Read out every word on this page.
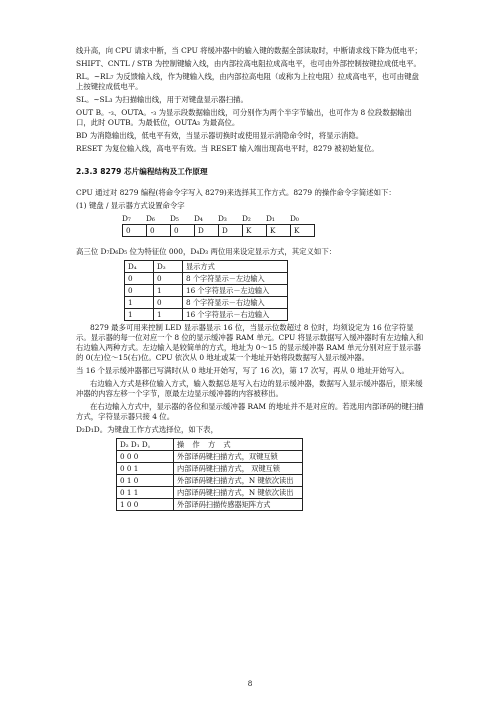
线升高，向 CPU 请求中断，当 CPU 将缓冲器中的输入键的数据全部读取时，中断请求线下降为低电平；

SHIFT、CNTL / STB 为控制键输入线，由内部拉高电阻拉成高电平，也可由外部控制按键拉成低电平。

RL。~RL₇ 为反馈输入线，作为键输入线，由内部拉高电阻（或称为上拉电阻）拉成高电平，也可由键盘上按键拉成低电平。

SL。~SL₃ 为扫描输出线，用于对键盘显示器扫描。

OUT B。-₃、OUTA。-₃ 为显示段数据输出线，可分别作为两个半字节输出，也可作为 8 位段数据输出口，此时 OUTB。为最低位，OUTA₃ 为最高位。

BD 为消隐输出线，低电平有效，当显示器切换时或使用显示消隐命令时，将显示消隐。

RESET 为复位输入线，高电平有效。当 RESET 输入端出现高电平时，8279 被初始复位。

2.3.3 8279 芯片编程结构及工作原理

CPU 通过对 8279 编程(将命令字写入 8279)来选择其工作方式。8279 的操作命令字简述如下：

(1) 键盘 / 显示器方式设置命令字

D₇	D₆	D₅	D₄	D₃	D₂	D₁	D₀
0	0	0	D	D	K	K	K

高三位 D₇D₆D₅ 位为特征位 000，D₄D₃ 两位用来设定显示方式，其定义如下：

D₄	D₃	显示方式
0	0	8 个字符显示－左边输入
0	1	16 个字符显示－左边输入
1	0	8 个字符显示－右边输入
1	1	16 个字符显示－右边输入

8279 最多可用来控制 LED 显示器显示 16 位，当显示位数超过 8 位时，均须设定为 16 位字符显示。显示器的每一位对应一个 8 位的显示缓冲器 RAM 单元。CPU 将显示数据写入缓冲器时有左边输入和右边输入两种方式。左边输入是较简单的方式，地址为 0～15 的显示缓冲器 RAM 单元分别对应于显示器的 0(左)位～15(右)位。CPU 依次从 0 地址或某一个地址开始将段数据写入显示缓冲器。

当 16 个显示缓冲器都已写满时(从 0 地址开始写，写了 16 次)，第 17 次写，再从 0 地址开始写入。

右边输入方式是移位输入方式，输入数据总是写入右边的显示缓冲器，数据写入显示缓冲器后，原来缓冲器的内容左移一个字节，原最左边显示缓冲器的内容被移出。

在右边输入方式中，显示器的各位和显示缓冲器 RAM 的地址并不是对应的。若选用内部译码的键扫描方式，字符显示器只接 4 位。

D₂D₁D。为键盘工作方式选择位，如下表，

D₂ D₁ D。	操 作 方 式
0 0 0	外部译码键扫描方式，双键互锁
0 0 1	内部译码键扫描方式， 双键互锁
0 1 0	外部译码键扫描方式，N 键依次读出
0 1 1	内部译码键扫描方式，N 键依次读出
1 0 0	外部译码扫描传感器矩阵方式
8
